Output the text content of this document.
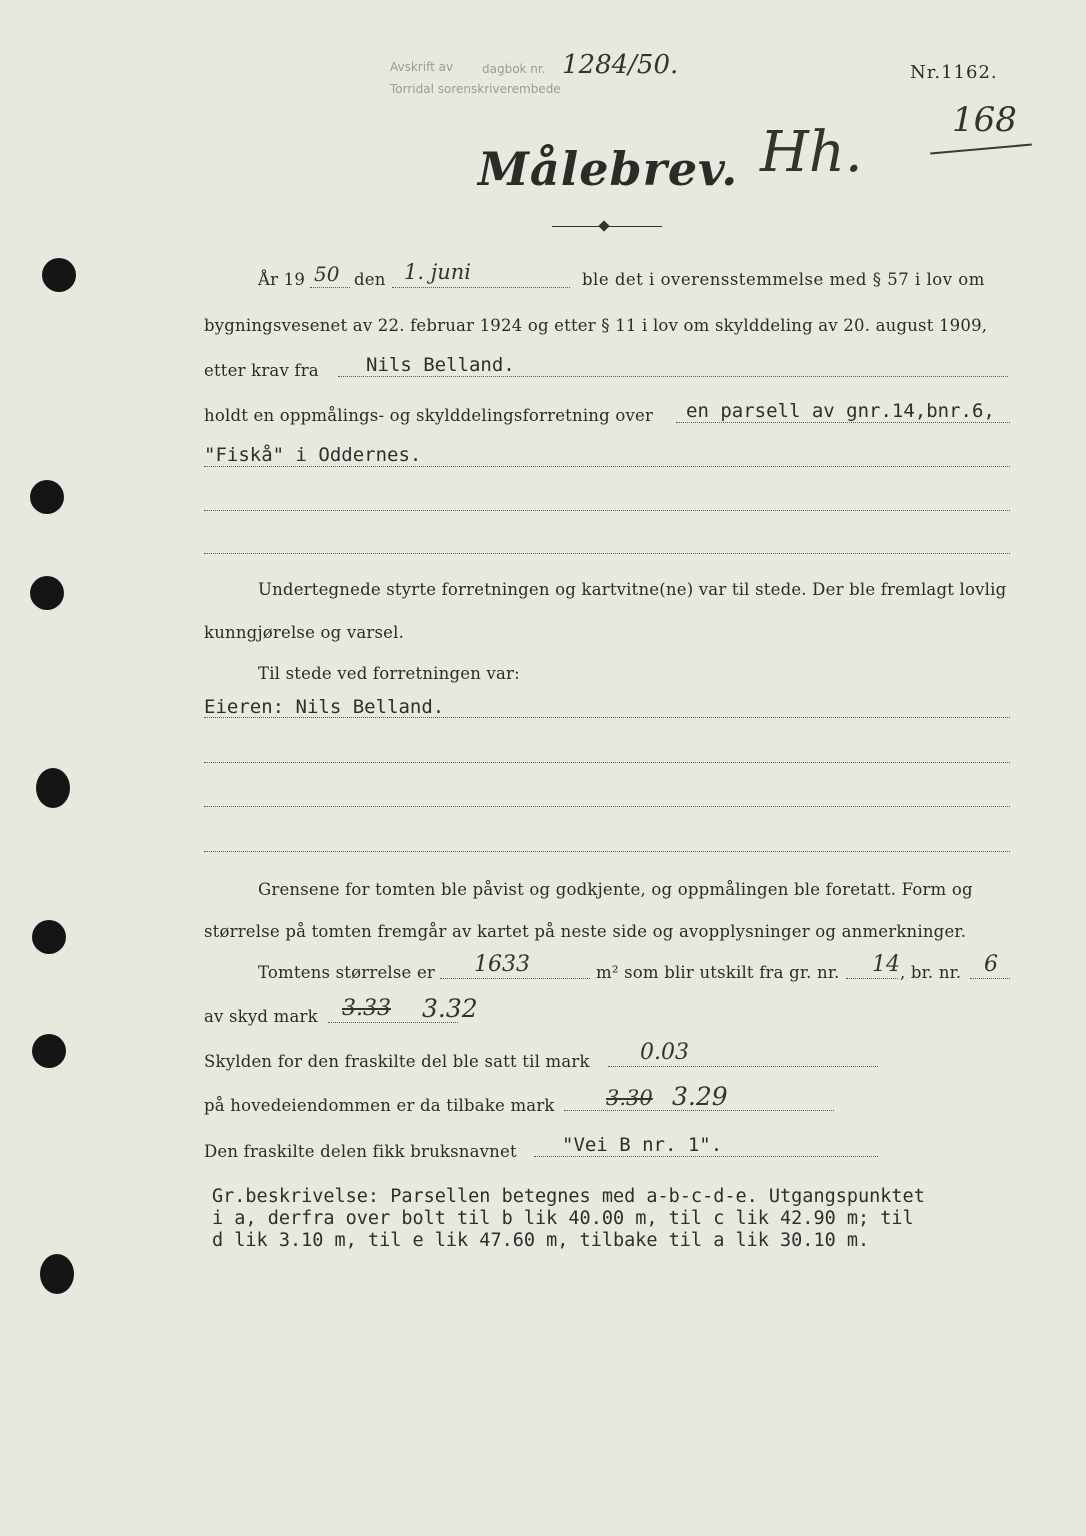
Avskrift av dagbok nr. 1284/50.
Torridal sorenskriverembede
Nr.1162.
168
Målebrev. Hh.
År 19 50 den 1. juni	ble det i overensstemmelse med § 57 i lov om
bygningsvesenet av 22. februar 1924 og etter § 11 i lov om skylddeling av 20. august 1909,
etter krav fra Nils Belland.
holdt en oppmålings- og skylddelingsforretning over en parsell av gnr.14,bnr.6,
"Fiskå" i Oddernes.
Undertegnede styrte forretningen og kartvitne(ne) var til stede. Der ble fremlagt lovlig
kunngjørelse og varsel.
Til stede ved forretningen var:
Eieren: Nils Belland.
Grensene for tomten ble påvist og godkjente, og oppmålingen ble foretatt. Form og
størrelse på tomten fremgår av kartet på neste side og avopplysninger og anmerkninger.
Tomtens størrelse er 1633	m² som blir utskilt fra gr. nr. 14 , br. nr. 6
av skyd mark 3.33 3.32
Skylden for den fraskilte del ble satt til mark 0.03
på hovedeiendommen er da tilbake mark 3.30 3.29
Den fraskilte delen fikk bruksnavnet "Vei B nr. 1".
Gr.beskrivelse: Parsellen betegnes med a-b-c-d-e. Utgangspunktet
i a, derfra over bolt til b lik 40.00 m, til c lik 42.90 m; til
d lik 3.10 m, til e lik 47.60 m, tilbake til a lik 30.10 m.
